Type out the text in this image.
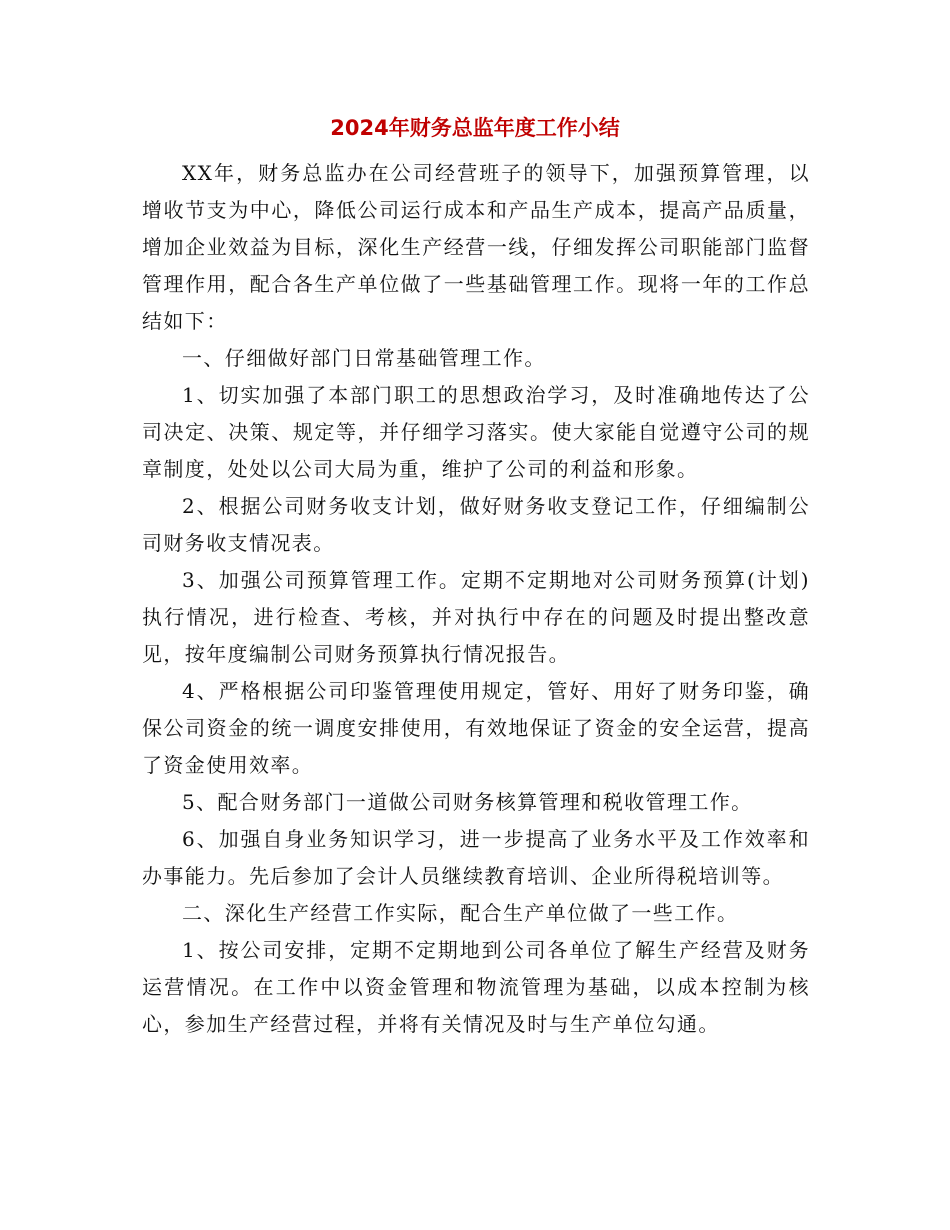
2024年财务总监年度工作小结

XX年，财务总监办在公司经营班子的领导下，加强预算管理，以增收节支为中心，降低公司运行成本和产品生产成本，提高产品质量，增加企业效益为目标，深化生产经营一线，仔细发挥公司职能部门监督管理作用，配合各生产单位做了一些基础管理工作。现将一年的工作总结如下：

一、仔细做好部门日常基础管理工作。

1、切实加强了本部门职工的思想政治学习，及时准确地传达了公司决定、决策、规定等，并仔细学习落实。使大家能自觉遵守公司的规章制度，处处以公司大局为重，维护了公司的利益和形象。

2、根据公司财务收支计划，做好财务收支登记工作，仔细编制公司财务收支情况表。

3、加强公司预算管理工作。定期不定期地对公司财务预算(计划)执行情况，进行检查、考核，并对执行中存在的问题及时提出整改意见，按年度编制公司财务预算执行情况报告。

4、严格根据公司印鉴管理使用规定，管好、用好了财务印鉴，确保公司资金的统一调度安排使用，有效地保证了资金的安全运营，提高了资金使用效率。

5、配合财务部门一道做公司财务核算管理和税收管理工作。

6、加强自身业务知识学习，进一步提高了业务水平及工作效率和办事能力。先后参加了会计人员继续教育培训、企业所得税培训等。

二、深化生产经营工作实际，配合生产单位做了一些工作。

1、按公司安排，定期不定期地到公司各单位了解生产经营及财务运营情况。在工作中以资金管理和物流管理为基础，以成本控制为核心，参加生产经营过程，并将有关情况及时与生产单位勾通。
